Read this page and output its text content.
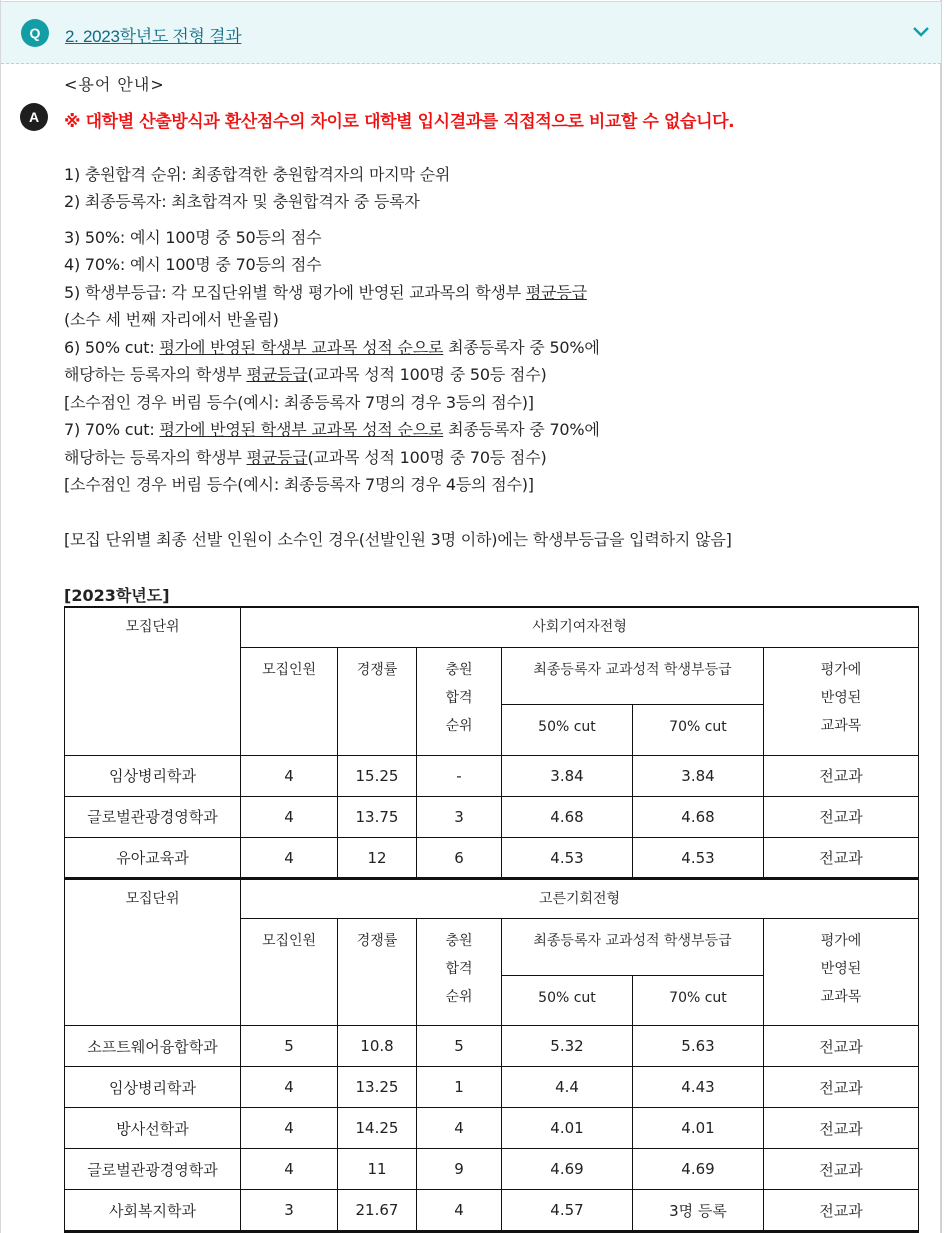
Q	2. 2023학년도 전형 결과
A
<용어 안내>
※ 대학별 산출방식과 환산점수의 차이로 대학별 입시결과를 직접적으로 비교할 수 없습니다.
1) 충원합격 순위: 최종합격한 충원합격자의 마지막 순위
2) 최종등록자: 최초합격자 및 충원합격자 중 등록자
3) 50%: 예시 100명 중 50등의 점수
4) 70%: 예시 100명 중 70등의 점수
5) 학생부등급: 각 모집단위별 학생 평가에 반영된 교과목의 학생부 평균등급
(소수 세 번째 자리에서 반올림)
6) 50% cut: 평가에 반영된 학생부 교과목 성적 순으로 최종등록자 중 50%에
해당하는 등록자의 학생부 평균등급(교과목 성적 100명 중 50등 점수)
[소수점인 경우 버림 등수(예시: 최종등록자 7명의 경우 3등의 점수)]
7) 70% cut: 평가에 반영된 학생부 교과목 성적 순으로 최종등록자 중 70%에
해당하는 등록자의 학생부 평균등급(교과목 성적 100명 중 70등 점수)
[소수점인 경우 버림 등수(예시: 최종등록자 7명의 경우 4등의 점수)]
[모집 단위별 최종 선발 인원이 소수인 경우(선발인원 3명 이하)에는 학생부등급을 입력하지 않음]
[2023학년도]
모집단위	사회기여자전형					
	모집인원	경쟁률	충원
합격
순위	최종등록자 교과성적 학생부등급		평가에
반영된
교과목
				50% cut	70% cut	
임상병리학과	4	15.25	-	3.84	3.84	전교과
글로벌관광경영학과	4	13.75	3	4.68	4.68	전교과
유아교육과	4	12	6	4.53	4.53	전교과
모집단위	고른기회전형					
	모집인원	경쟁률	충원
합격
순위	최종등록자 교과성적 학생부등급		평가에
반영된
교과목
				50% cut	70% cut	
소프트웨어융합학과	5	10.8	5	5.32	5.63	전교과
임상병리학과	4	13.25	1	4.4	4.43	전교과
방사선학과	4	14.25	4	4.01	4.01	전교과
글로벌관광경영학과	4	11	9	4.69	4.69	전교과
사회복지학과	3	21.67	4	4.57	3명 등록	전교과
